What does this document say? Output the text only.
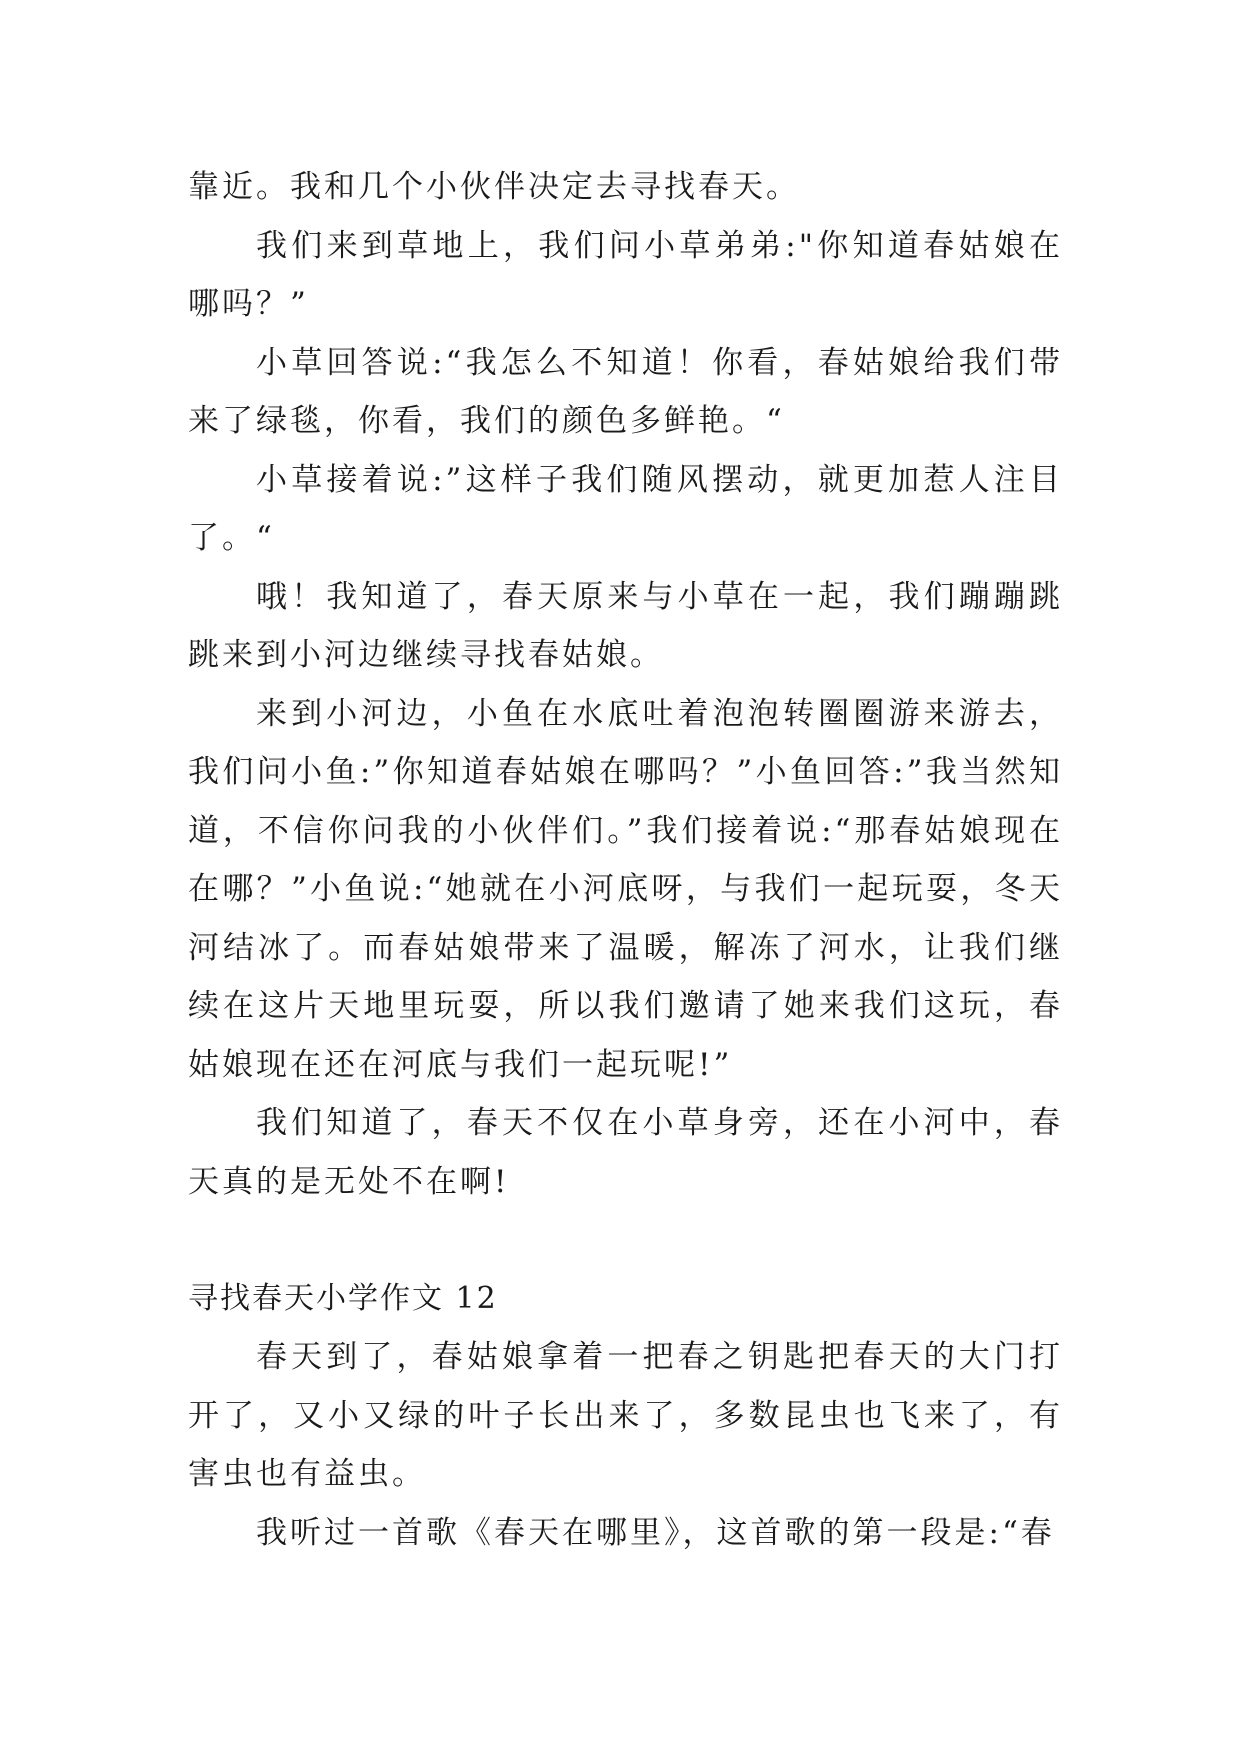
靠近。我和几个小伙伴决定去寻找春天。

我们来到草地上，我们问小草弟弟:"你知道春姑娘在哪吗？”

小草回答说:“我怎么不知道！你看，春姑娘给我们带来了绿毯，你看，我们的颜色多鲜艳。“

小草接着说:”这样子我们随风摆动，就更加惹人注目了。“

哦！我知道了，春天原来与小草在一起，我们蹦蹦跳跳来到小河边继续寻找春姑娘。

来到小河边，小鱼在水底吐着泡泡转圈圈游来游去，我们问小鱼:”你知道春姑娘在哪吗？”小鱼回答:”我当然知道，不信你问我的小伙伴们。”我们接着说:“那春姑娘现在在哪？”小鱼说:“她就在小河底呀，与我们一起玩耍，冬天河结冰了。而春姑娘带来了温暖，解冻了河水，让我们继续在这片天地里玩耍，所以我们邀请了她来我们这玩，春姑娘现在还在河底与我们一起玩呢!”

我们知道了，春天不仅在小草身旁，还在小河中，春天真的是无处不在啊!

寻找春天小学作文 12

春天到了，春姑娘拿着一把春之钥匙把春天的大门打开了，又小又绿的叶子长出来了，多数昆虫也飞来了，有害虫也有益虫。

我听过一首歌《春天在哪里》，这首歌的第一段是:“春
